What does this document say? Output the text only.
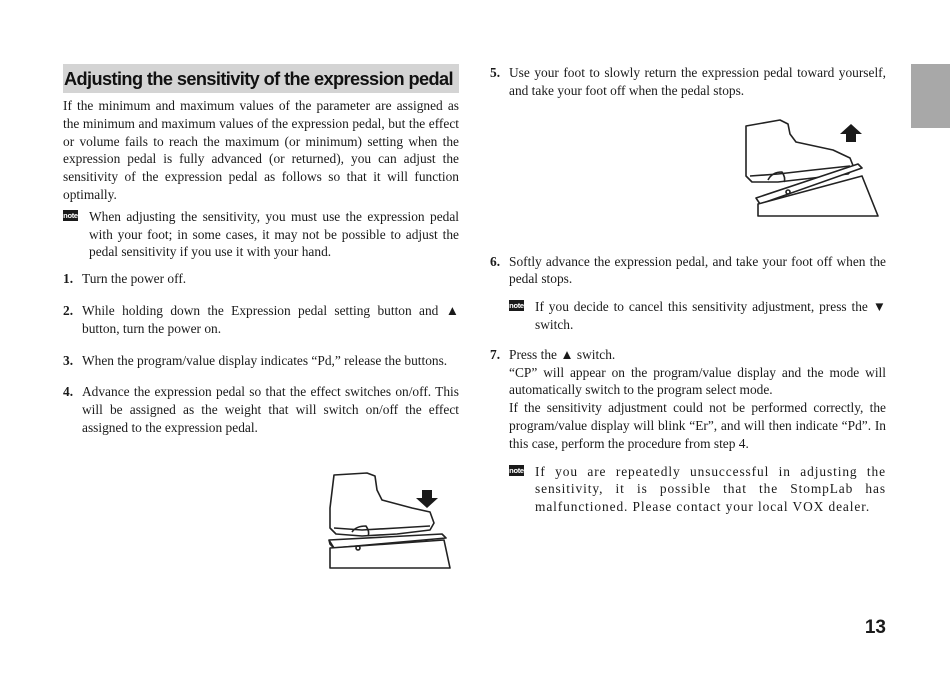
Adjusting the sensitivity of the expression pedal

If the minimum and maximum values of the parameter are assigned as the minimum and maximum values of the expression pedal, but the effect or volume fails to reach the maximum (or minimum) setting when the expression pedal is fully advanced (or returned), you can adjust the sensitivity of the expression pedal as follows so that it will function optimally.

note When adjusting the sensitivity, you must use the expression pedal with your foot; in some cases, it may not be possible to adjust the pedal sensitivity if you use it with your hand.

1. Turn the power off.

2. While holding down the Expression pedal setting button and ▲ button, turn the power on.

3. When the program/value display indicates “Pd,” release the buttons.

4. Advance the expression pedal so that the effect switches on/off. This will be assigned as the weight that will switch on/off the effect assigned to the expression pedal.

5. Use your foot to slowly return the expression pedal toward yourself, and take your foot off when the pedal stops.

6. Softly advance the expression pedal, and take your foot off when the pedal stops.

note If you decide to cancel this sensitivity adjustment, press the ▼ switch.

7. Press the ▲ switch.

“CP” will appear on the program/value display and the mode will automatically switch to the program select mode.

If the sensitivity adjustment could not be performed correctly, the program/value display will blink “Er”, and will then indicate “Pd”. In this case, perform the procedure from step 4.

note If you are repeatedly unsuccessful in adjusting the sensitivity, it is possible that the StompLab has malfunctioned. Please contact your local VOX dealer.

13
